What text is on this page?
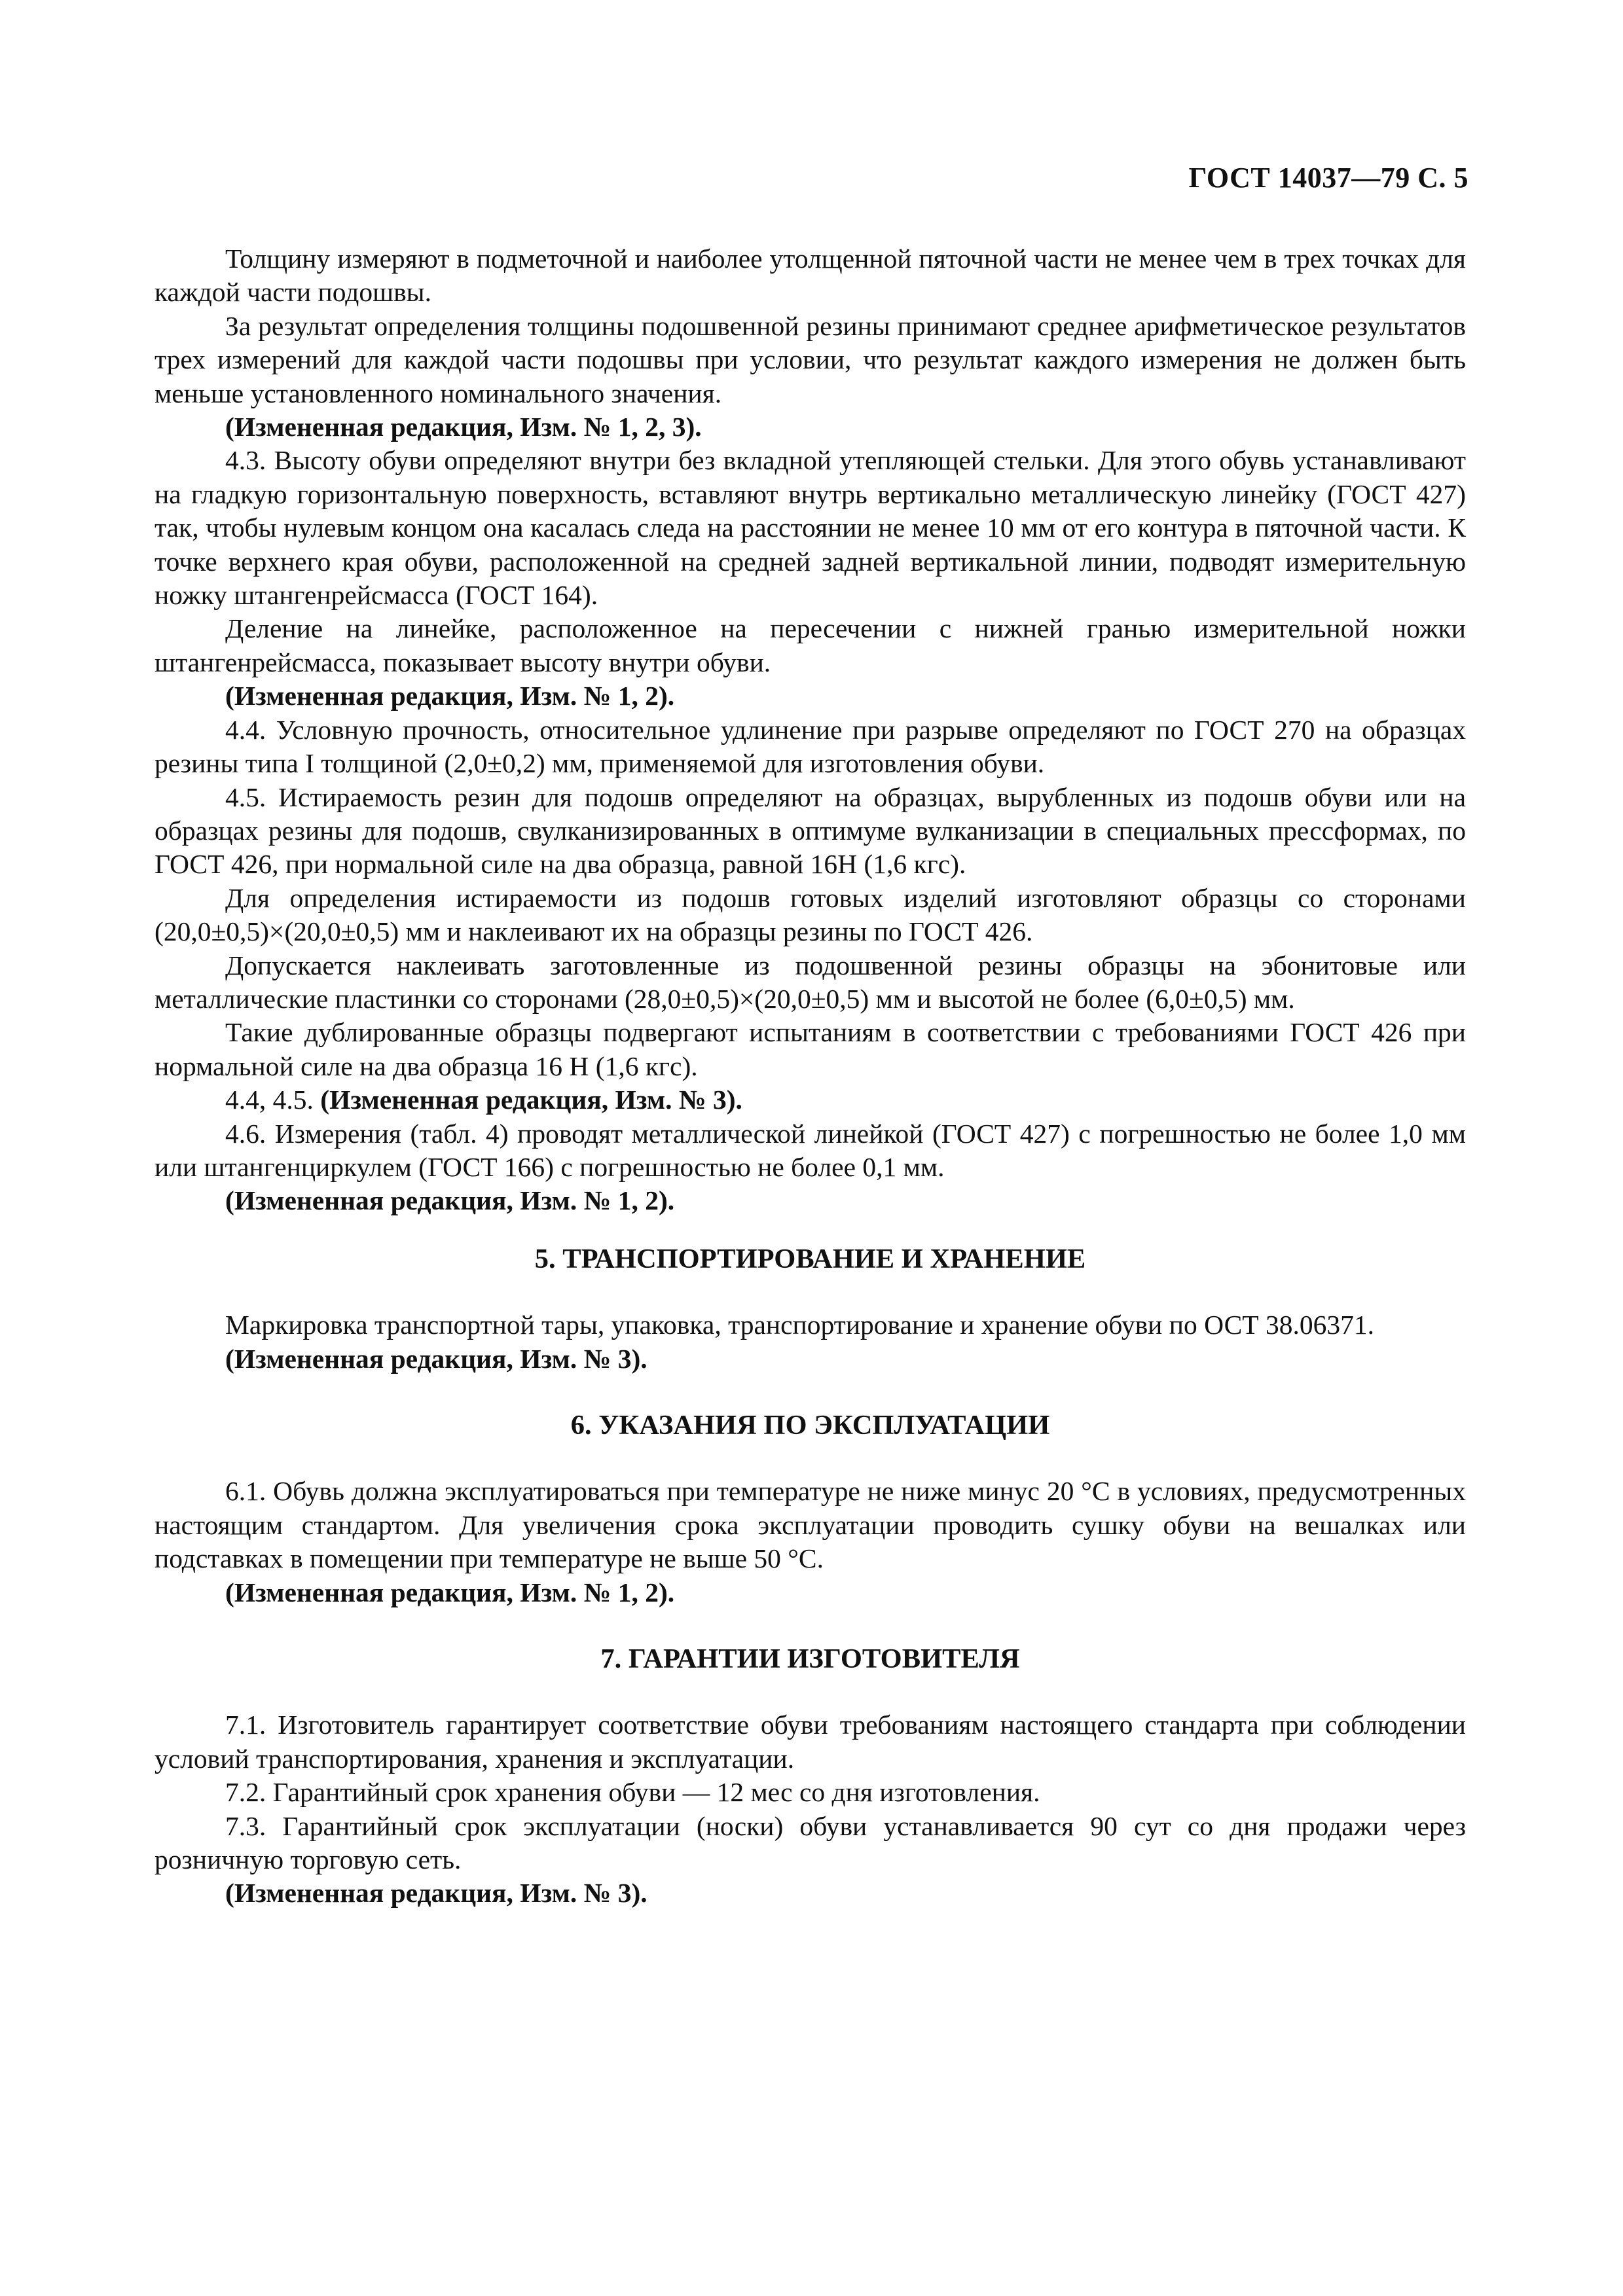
ГОСТ 14037—79 С. 5

Толщину измеряют в подметочной и наиболее утолщенной пяточной части не менее чем в трех точках для каждой части подошвы.

За результат определения толщины подошвенной резины принимают среднее арифметическое результатов трех измерений для каждой части подошвы при условии, что результат каждого измерения не должен быть меньше установленного номинального значения.

(Измененная редакция, Изм. № 1, 2, 3).

4.3. Высоту обуви определяют внутри без вкладной утепляющей стельки. Для этого обувь устанавливают на гладкую горизонтальную поверхность, вставляют внутрь вертикально металлическую линейку (ГОСТ 427) так, чтобы нулевым концом она касалась следа на расстоянии не менее 10 мм от его контура в пяточной части. К точке верхнего края обуви, расположенной на средней задней вертикальной линии, подводят измерительную ножку штангенрейсмасса (ГОСТ 164).

Деление на линейке, расположенное на пересечении с нижней гранью измерительной ножки штангенрейсмасса, показывает высоту внутри обуви.

(Измененная редакция, Изм. № 1, 2).

4.4. Условную прочность, относительное удлинение при разрыве определяют по ГОСТ 270 на образцах резины типа I толщиной (2,0±0,2) мм, применяемой для изготовления обуви.

4.5. Истираемость резин для подошв определяют на образцах, вырубленных из подошв обуви или на образцах резины для подошв, свулканизированных в оптимуме вулканизации в специальных прессформах, по ГОСТ 426, при нормальной силе на два образца, равной 16Н (1,6 кгс).

Для определения истираемости из подошв готовых изделий изготовляют образцы со сторонами (20,0±0,5)×(20,0±0,5) мм и наклеивают их на образцы резины по ГОСТ 426.

Допускается наклеивать заготовленные из подошвенной резины образцы на эбонитовые или металлические пластинки со сторонами (28,0±0,5)×(20,0±0,5) мм и высотой не более (6,0±0,5) мм.

Такие дублированные образцы подвергают испытаниям в соответствии с требованиями ГОСТ 426 при нормальной силе на два образца 16 Н (1,6 кгс).

4.4, 4.5. (Измененная редакция, Изм. № 3).

4.6. Измерения (табл. 4) проводят металлической линейкой (ГОСТ 427) с погрешностью не более 1,0 мм или штангенциркулем (ГОСТ 166) с погрешностью не более 0,1 мм.

(Измененная редакция, Изм. № 1, 2).

5. ТРАНСПОРТИРОВАНИЕ И ХРАНЕНИЕ

Маркировка транспортной тары, упаковка, транспортирование и хранение обуви по ОСТ 38.06371.

(Измененная редакция, Изм. № 3).

6. УКАЗАНИЯ ПО ЭКСПЛУАТАЦИИ

6.1. Обувь должна эксплуатироваться при температуре не ниже минус 20 °С в условиях, предусмотренных настоящим стандартом. Для увеличения срока эксплуатации проводить сушку обуви на вешалках или подставках в помещении при температуре не выше 50 °С.

(Измененная редакция, Изм. № 1, 2).

7. ГАРАНТИИ ИЗГОТОВИТЕЛЯ

7.1. Изготовитель гарантирует соответствие обуви требованиям настоящего стандарта при соблюдении условий транспортирования, хранения и эксплуатации.

7.2. Гарантийный срок хранения обуви — 12 мес со дня изготовления.

7.3. Гарантийный срок эксплуатации (носки) обуви устанавливается 90 сут со дня продажи через розничную торговую сеть.

(Измененная редакция, Изм. № 3).
